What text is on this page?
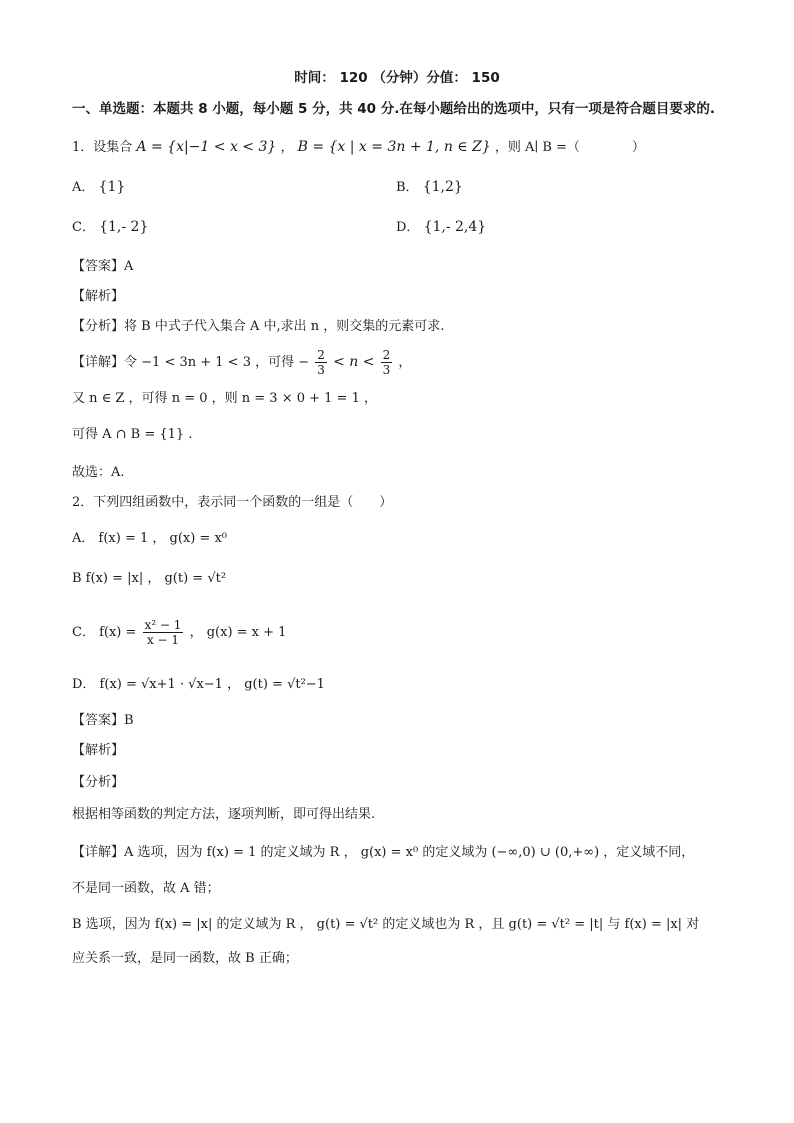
时间： 120 （分钟）分值： 150
一、单选题：本题共 8 小题，每小题 5 分，共 40 分.在每小题给出的选项中，只有一项是符合题目要求的.
1．设集合 A = {x|−1 < x < 3} ， B = {x | x = 3n + 1, n ∈ Z} ，则 A∣ B =（　　　　）
A． {1}	B． {1,2}
C． {1,- 2}	D． {1,- 2,4}
【答案】A
【解析】
【分析】将 B 中式子代入集合 A 中,求出 n ，则交集的元素可求.
【详解】令 −1 < 3n + 1 < 3 ，可得 − $\frac{2}{3} < n < \frac{2}{3}$ ，
又 n ∈ Z ，可得 n = 0 ，则 n = 3 × 0 + 1 = 1 ，
可得 A ∩ B = {1} .
故选：A.
2．下列四组函数中，表示同一个函数的一组是（　　）
A． f(x) = 1 ， g(x) = x⁰
B f(x) = |x| ， g(t) = √t²
C． $f(x) = \frac{\text{x² − 1}}{x - 1}$ ， g(x) = x + 1
D． f(x) = √x+1 · √x−1 ， g(t) = √t²−1
【答案】B
【解析】
【分析】
根据相等函数的判定方法，逐项判断，即可得出结果.
【详解】A 选项，因为 f(x) = 1 的定义域为 R ， g(x) = x⁰ 的定义域为 (−∞,0) ∪ (0,+∞) ，定义域不同，
不是同一函数，故 A 错；
B 选项，因为 f(x) = |x| 的定义域为 R ， g(t) = √t² 的定义域也为 R ，且 g(t) = √t² = |t| 与 f(x) = |x| 对
应关系一致，是同一函数，故 B 正确；
